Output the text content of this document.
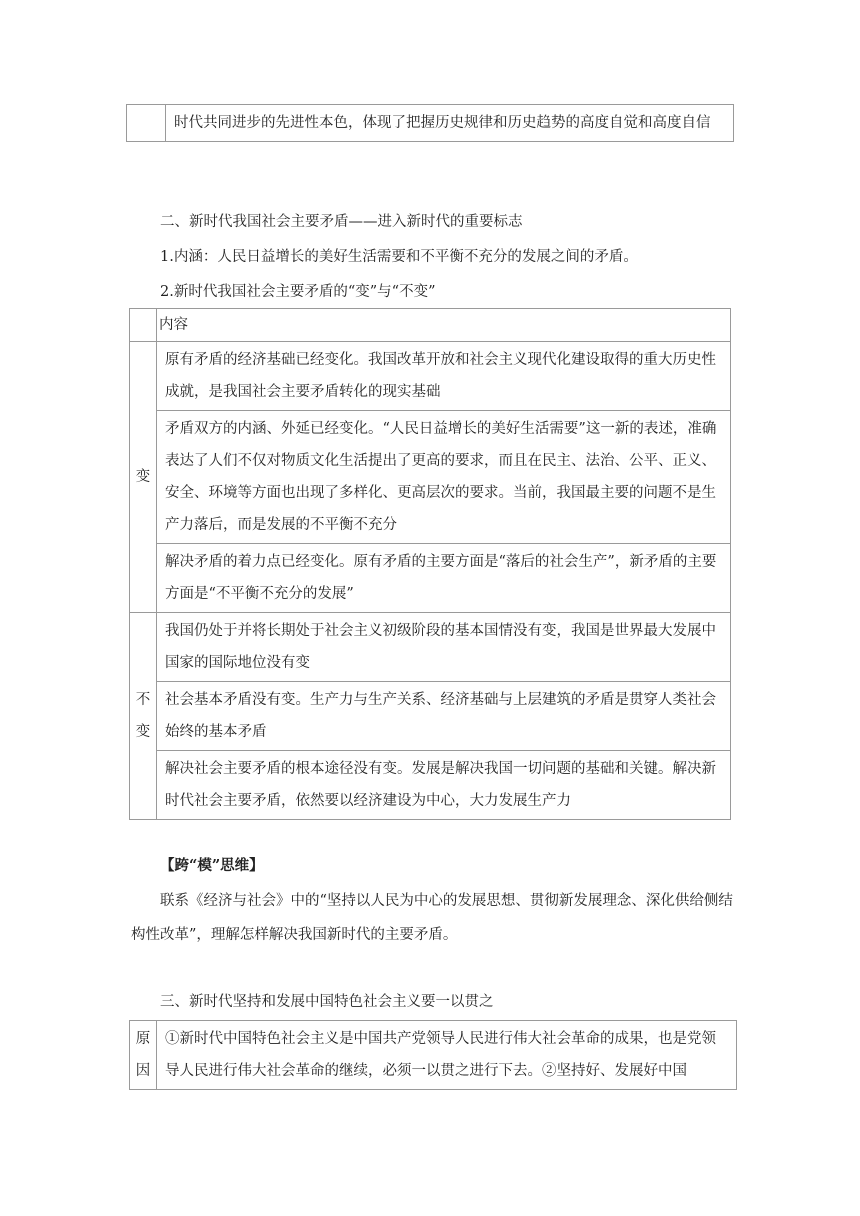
	时代共同进步的先进性本色，体现了把握历史规律和历史趋势的高度自觉和高度自信
二、新时代我国社会主要矛盾——进入新时代的重要标志
1.内涵：人民日益增长的美好生活需要和不平衡不充分的发展之间的矛盾。
2.新时代我国社会主要矛盾的“变”与“不变”
	内容
变	原有矛盾的经济基础已经变化。我国改革开放和社会主义现代化建设取得的重大历史性成就，是我国社会主要矛盾转化的现实基础
	矛盾双方的内涵、外延已经变化。“人民日益增长的美好生活需要”这一新的表述，准确表达了人们不仅对物质文化生活提出了更高的要求，而且在民主、法治、公平、正义、安全、环境等方面也出现了多样化、更高层次的要求。当前，我国最主要的问题不是生产力落后，而是发展的不平衡不充分
	解决矛盾的着力点已经变化。原有矛盾的主要方面是“落后的社会生产”，新矛盾的主要方面是“不平衡不充分的发展”
不变	我国仍处于并将长期处于社会主义初级阶段的基本国情没有变，我国是世界最大发展中国家的国际地位没有变
	社会基本矛盾没有变。生产力与生产关系、经济基础与上层建筑的矛盾是贯穿人类社会始终的基本矛盾
	解决社会主要矛盾的根本途径没有变。发展是解决我国一切问题的基础和关键。解决新时代社会主要矛盾，依然要以经济建设为中心，大力发展生产力
【跨“模”思维】
联系《经济与社会》中的“坚持以人民为中心的发展思想、贯彻新发展理念、深化供给侧结构性改革”，理解怎样解决我国新时代的主要矛盾。
三、新时代坚持和发展中国特色社会主义要一以贯之
原因	①新时代中国特色社会主义是中国共产党领导人民进行伟大社会革命的成果，也是党领导人民进行伟大社会革命的继续，必须一以贯之进行下去。②坚持好、发展好中国
